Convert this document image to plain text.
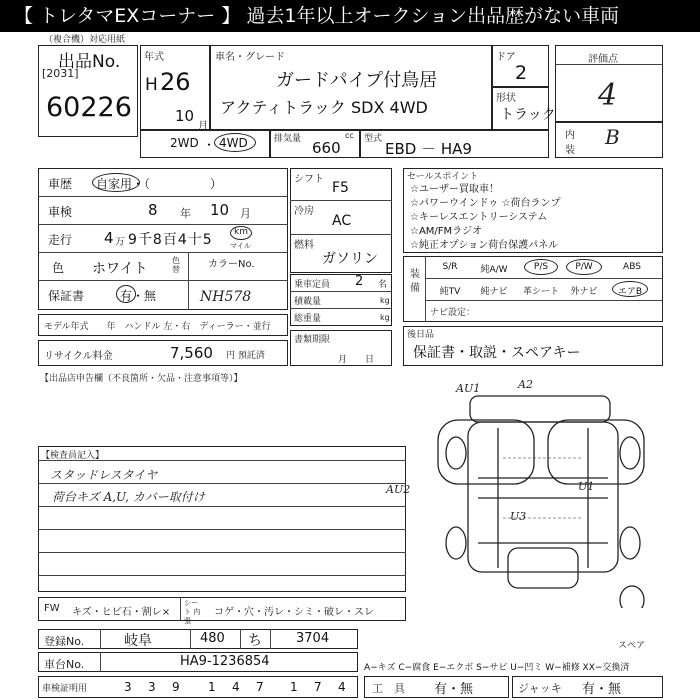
【 トレタマEXコーナー 】 過去1年以上オークション出品歴がない車両
（複合機）対応用紙
出品No.
[2031]
60226
年式
H 26
10
月
車名・グレード
ガードパイプ付鳥居
アクティトラック SDX 4WD
ドア
2
形状
トラック
評価点
4
内
装
B
2WD ・ 4WD	排気量	cc
660	型式
EBD － HA9
車歴 自家用・（　　　　　）
車検	8 年 10 月
走行 4 万 9千8百4十5 km
マイル
色 ホワイト
色替	カラーNo.
NH578
保証書	有・無
モデル年式　　年　ハンドル 左・右　ディーラー・並行
シフト
F5
冷房
AC
燃料
ガソリン
乗車定員 2 名
積載量	kg
総重量	kg
書類期限
月　　日
セールスポイント
☆ユーザー買取車！
☆パワーウインドゥ ☆荷台ランプ
☆キーレスエントリーシステム
☆AM/FMラジオ
☆純正オプション荷台保護パネル
装備
S/R	純A/W	P/S	P/W	ABS
純TV	純ナビ	革シート	外ナビ	エアB
ナビ設定：
リサイクル料金	7,560 円 預託済
後日品
保証書・取説・スペアキー
【出品店申告欄（不良箇所・欠品・注意事項等）】
【検査員記入】
スタッドレスタイヤ
荷台キズ A,U, カバー取付け
AU1	A2
AU2	U1
U3
スペア
FW キズ・ヒビ石・割レ×
シート 内張
コゲ・穴・汚レ・シミ・破レ・スレ
登録No.	岐阜	480 ち	3704
車台No.	HA9-1236854
車検証明用	3 3 9 1 4 7 1 7 4
A−キズ C−腐食 E−エクボ S−サビ U−凹ミ W−補修 XX−交換済
工　具 有・無	ジャッキ 有・無
